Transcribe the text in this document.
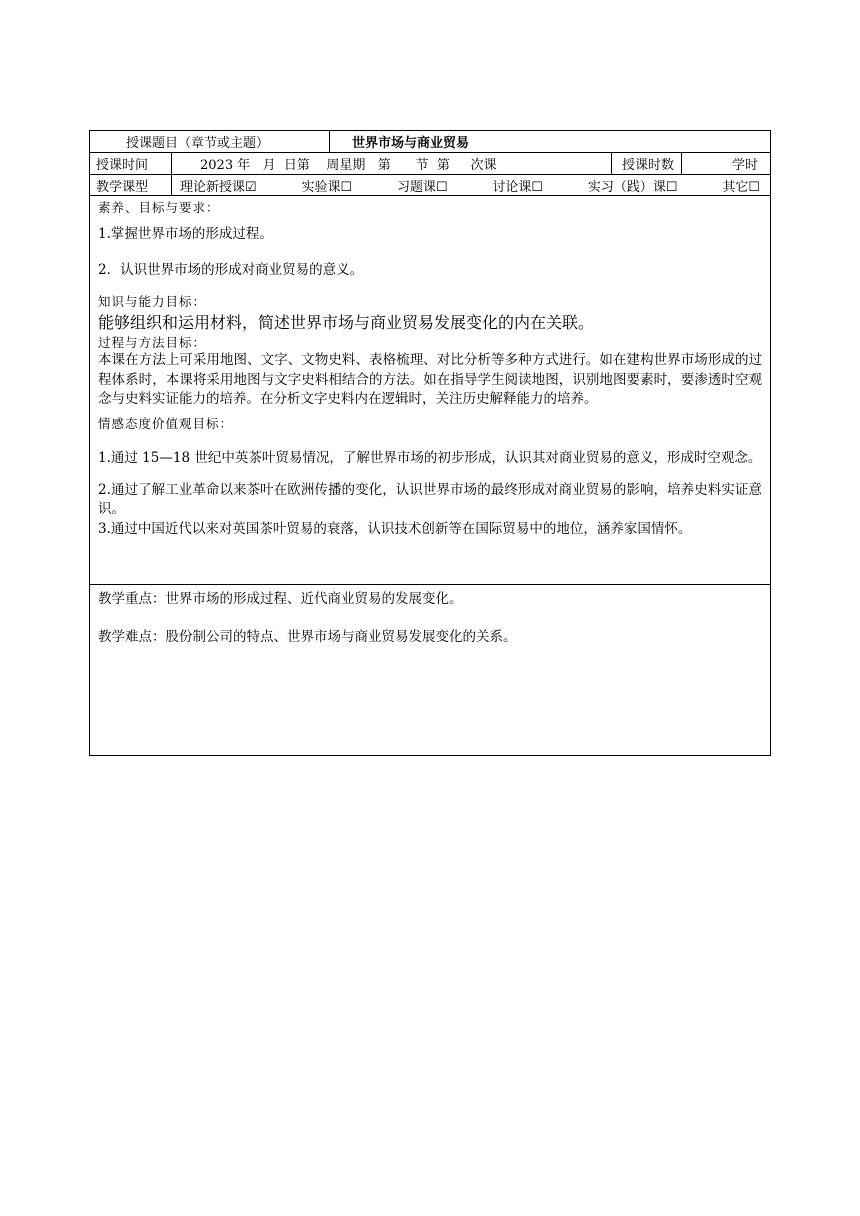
授课题目（章节或主题）	世界市场与商业贸易
授课时间	2023 年   月  日第    周星期   第      节  第     次课	授课时数	学时
教学课型	理论新授课☑	实验课☐	习题课☐	讨论课☐	实习（践）课☐	其它☐

素养、目标与要求：

1.掌握世界市场的形成过程。

2．认识世界市场的形成对商业贸易的意义。

知识与能力目标：

能够组织和运用材料，简述世界市场与商业贸易发展变化的内在关联。

过程与方法目标：

本课在方法上可采用地图、文字、文物史料、表格梳理、对比分析等多种方式进行。如在建构世界市场形成的过程体系时，本课将采用地图与文字史料相结合的方法。如在指导学生阅读地图，识别地图要素时，要渗透时空观念与史料实证能力的培养。在分析文字史料内在逻辑时，关注历史解释能力的培养。

情感态度价值观目标：

1.通过 15—18 世纪中英茶叶贸易情况，了解世界市场的初步形成，认识其对商业贸易的意义，形成时空观念。

2.通过了解工业革命以来茶叶在欧洲传播的变化，认识世界市场的最终形成对商业贸易的影响，培养史料实证意识。

3.通过中国近代以来对英国茶叶贸易的衰落，认识技术创新等在国际贸易中的地位，涵养家国情怀。

教学重点：世界市场的形成过程、近代商业贸易的发展变化。

教学难点：股份制公司的特点、世界市场与商业贸易发展变化的关系。
